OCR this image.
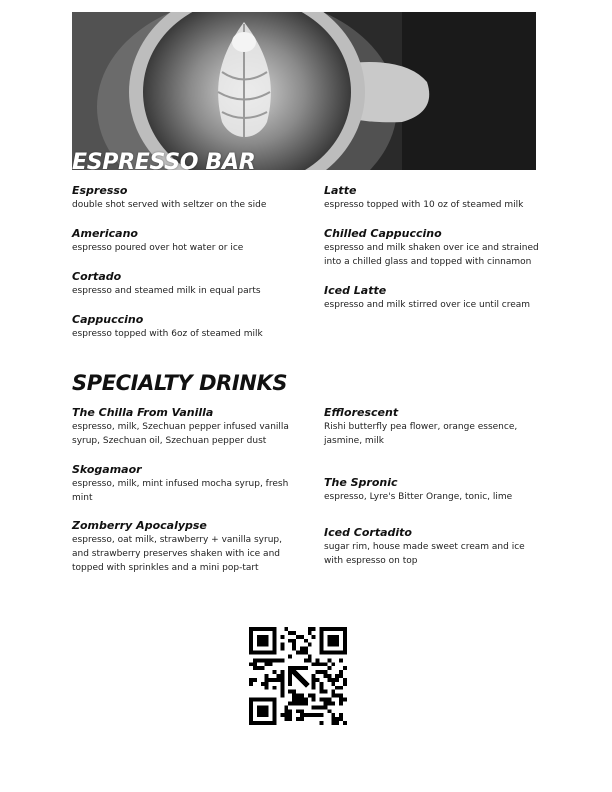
ESPRESSO BAR
Espresso
double shot served with seltzer on the side
Americano
espresso poured over hot water or ice
Cortado
espresso and steamed milk in equal parts
Cappuccino
espresso topped with 6oz of steamed milk
Latte
espresso topped with 10 oz of steamed milk
Chilled Cappuccino
espresso and milk shaken over ice and strained
into a chilled glass and topped with cinnamon
Iced Latte
espresso and milk stirred over ice until cream
SPECIALTY DRINKS
The Chilla From Vanilla
espresso, milk, Szechuan pepper infused vanilla
syrup, Szechuan oil, Szechuan pepper dust
Skogamaor
espresso, milk, mint infused mocha syrup, fresh
mint
Zomberry Apocalypse
espresso, oat milk, strawberry + vanilla syrup,
and strawberry preserves shaken with ice and
topped with sprinkles and a mini pop-tart
Efflorescent
Rishi butterfly pea flower, orange essence,
jasmine, milk
The Spronic
espresso, Lyre's Bitter Orange, tonic, lime
Iced Cortadito
sugar rim, house made sweet cream and ice
with espresso on top
